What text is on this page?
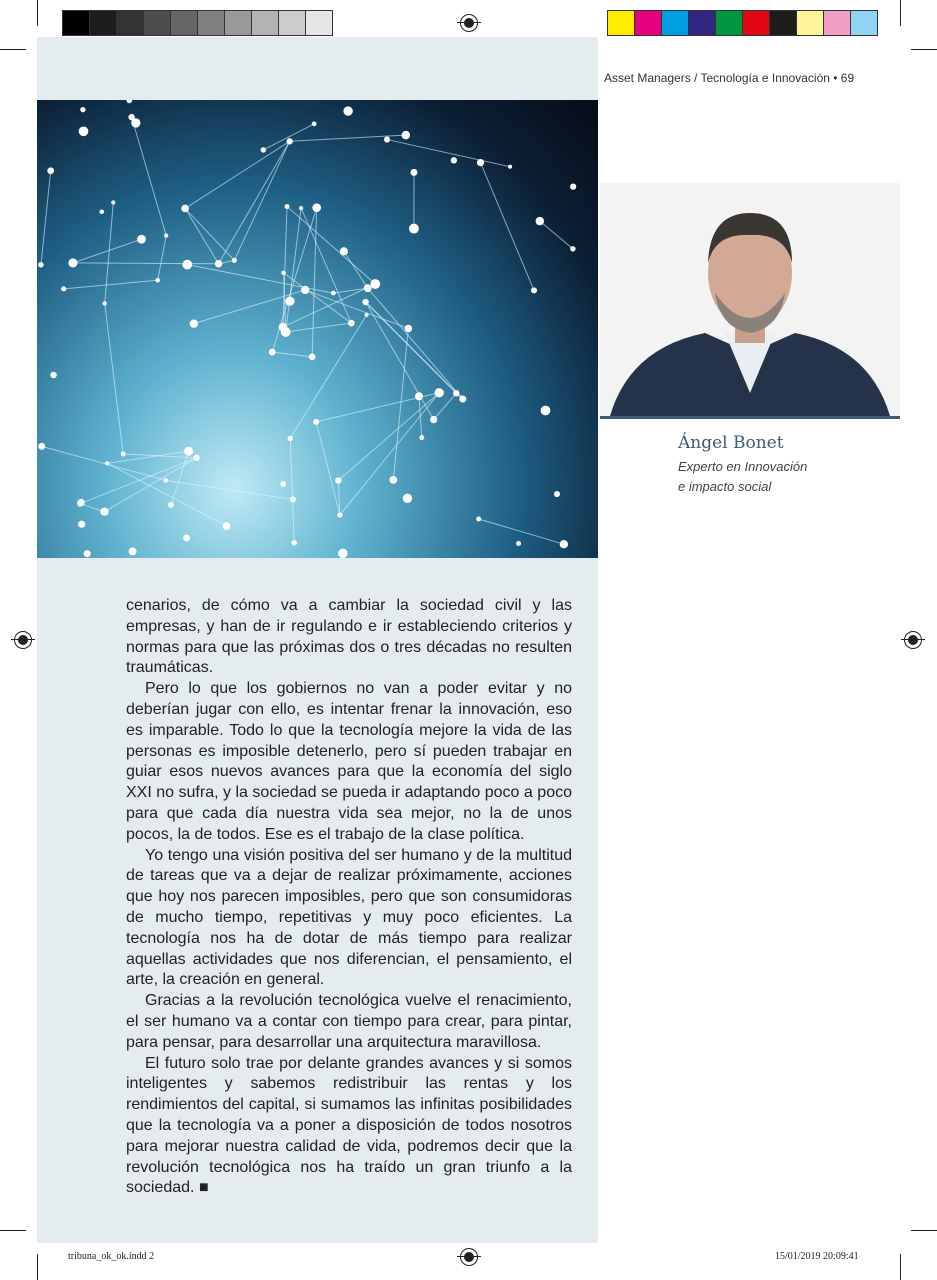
Asset Managers / Tecnología e Innovación • 69
Ángel Bonet
Experto en Innovación
e impacto social

cenarios, de cómo va a cambiar la sociedad civil y las empresas, y han de ir regulando e ir estableciendo criterios y normas para que las próximas dos o tres décadas no resulten traumáticas.

Pero lo que los gobiernos no van a poder evitar y no deberían jugar con ello, es intentar frenar la innovación, eso es imparable. Todo lo que la tecnología mejore la vida de las personas es imposible detenerlo, pero sí pueden trabajar en guiar esos nuevos avances para que la economía del siglo XXI no sufra, y la sociedad se pueda ir adaptando poco a poco para que cada día nuestra vida sea mejor, no la de unos pocos, la de todos. Ese es el trabajo de la clase política.

Yo tengo una visión positiva del ser humano y de la multitud de tareas que va a dejar de realizar próximamente, acciones que hoy nos parecen imposibles, pero que son consumidoras de mucho tiempo, repetitivas y muy poco eficientes. La tecnología nos ha de dotar de más tiempo para realizar aquellas actividades que nos diferencian, el pensamiento, el arte, la creación en general.

Gracias a la revolución tecnológica vuelve el renacimiento, el ser humano va a contar con tiempo para crear, para pintar, para pensar, para desarrollar una arquitectura maravillosa.

El futuro solo trae por delante grandes avances y si somos inteligentes y sabemos redistribuir las rentas y los rendimientos del capital, si sumamos las infinitas posibilidades que la tecnología va a poner a disposición de todos nosotros para mejorar nuestra calidad de vida, podremos decir que la revolución tecnológica nos ha traído un gran triunfo a la sociedad. ■

tribuna_ok_ok.indd 2	15/01/2019 20:09:41
